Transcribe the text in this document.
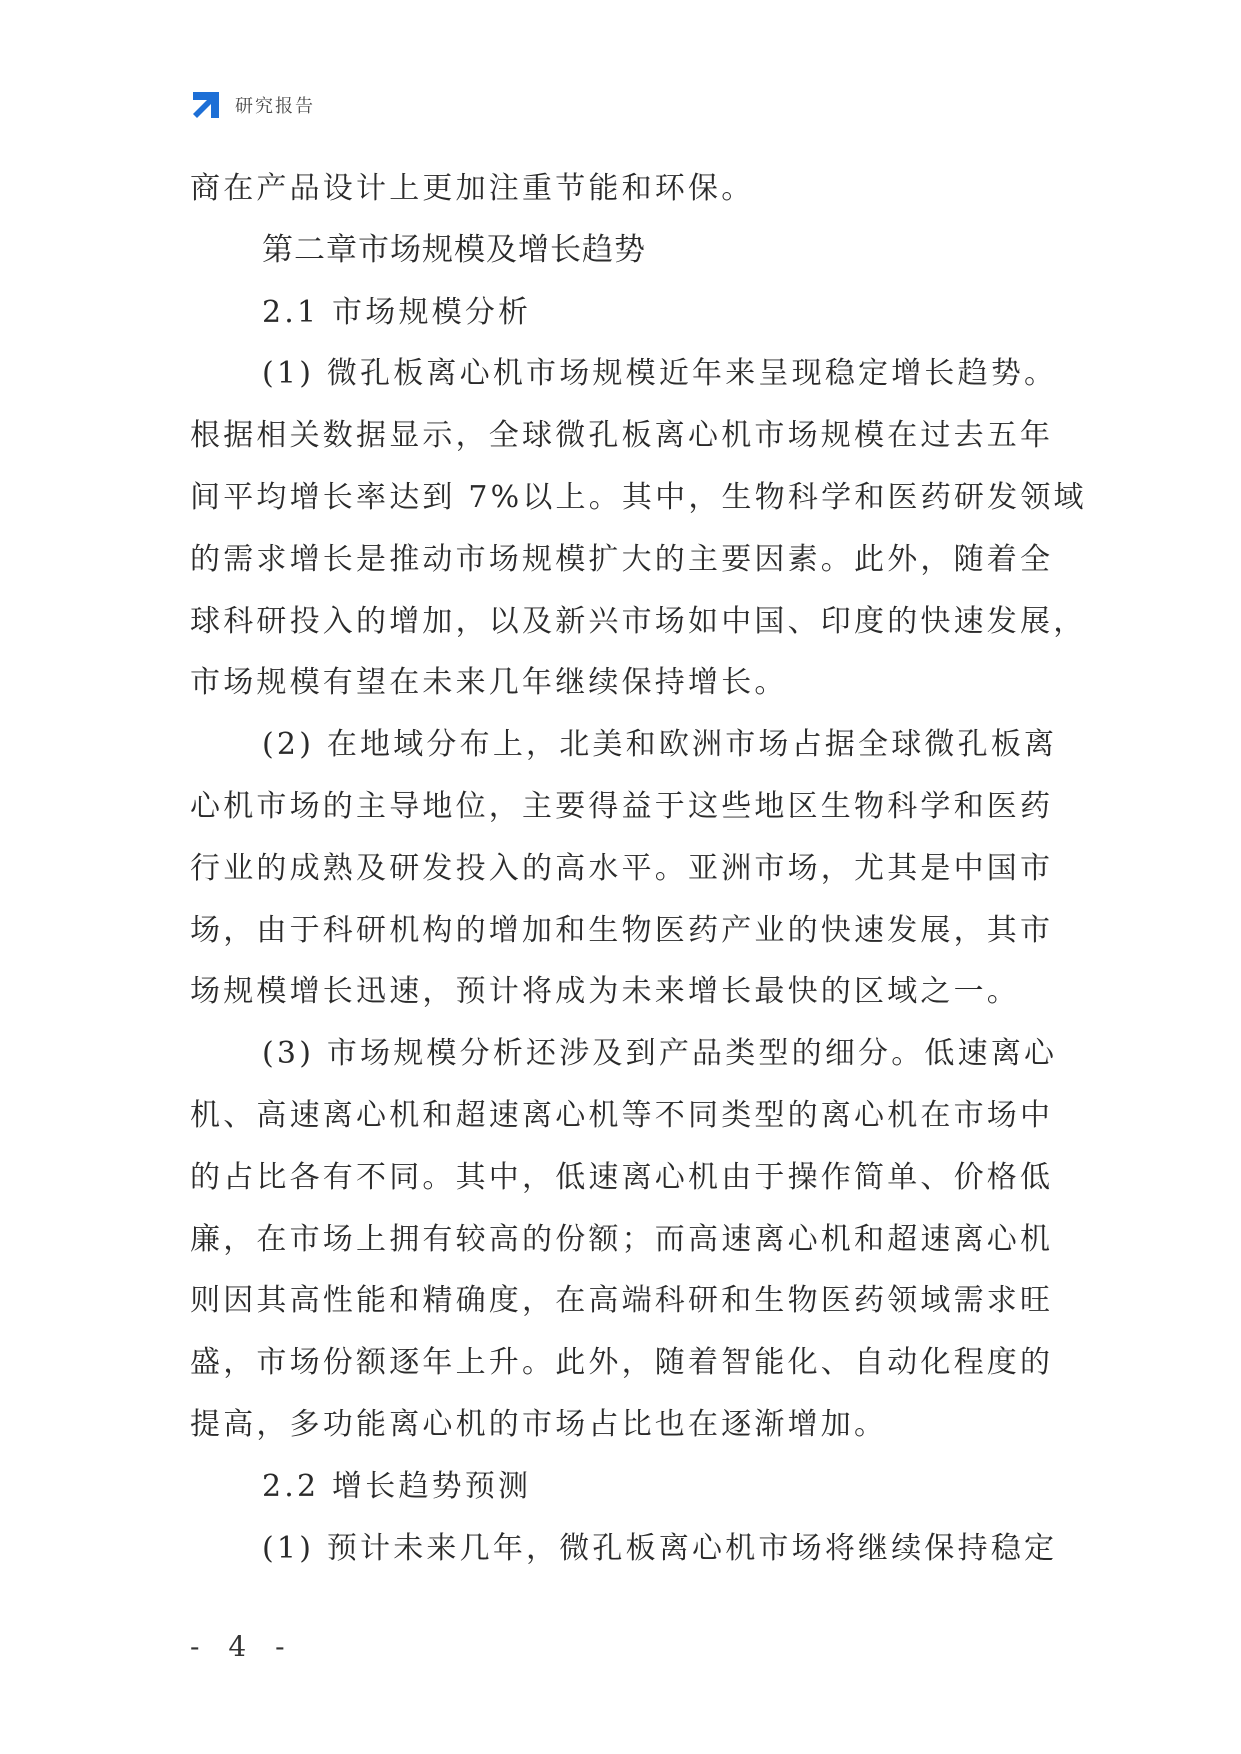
研究报告
商在产品设计上更加注重节能和环保。
第二章市场规模及增长趋势
2.1 市场规模分析
(1) 微孔板离心机市场规模近年来呈现稳定增长趋势。
根据相关数据显示，全球微孔板离心机市场规模在过去五年
间平均增长率达到 7%以上。其中，生物科学和医药研发领域
的需求增长是推动市场规模扩大的主要因素。此外，随着全
球科研投入的增加，以及新兴市场如中国、印度的快速发展，
市场规模有望在未来几年继续保持增长。
(2) 在地域分布上，北美和欧洲市场占据全球微孔板离
心机市场的主导地位，主要得益于这些地区生物科学和医药
行业的成熟及研发投入的高水平。亚洲市场，尤其是中国市
场，由于科研机构的增加和生物医药产业的快速发展，其市
场规模增长迅速，预计将成为未来增长最快的区域之一。
(3) 市场规模分析还涉及到产品类型的细分。低速离心
机、高速离心机和超速离心机等不同类型的离心机在市场中
的占比各有不同。其中，低速离心机由于操作简单、价格低
廉，在市场上拥有较高的份额；而高速离心机和超速离心机
则因其高性能和精确度，在高端科研和生物医药领域需求旺
盛，市场份额逐年上升。此外，随着智能化、自动化程度的
提高，多功能离心机的市场占比也在逐渐增加。
2.2 增长趋势预测
(1) 预计未来几年，微孔板离心机市场将继续保持稳定
- 4 -
